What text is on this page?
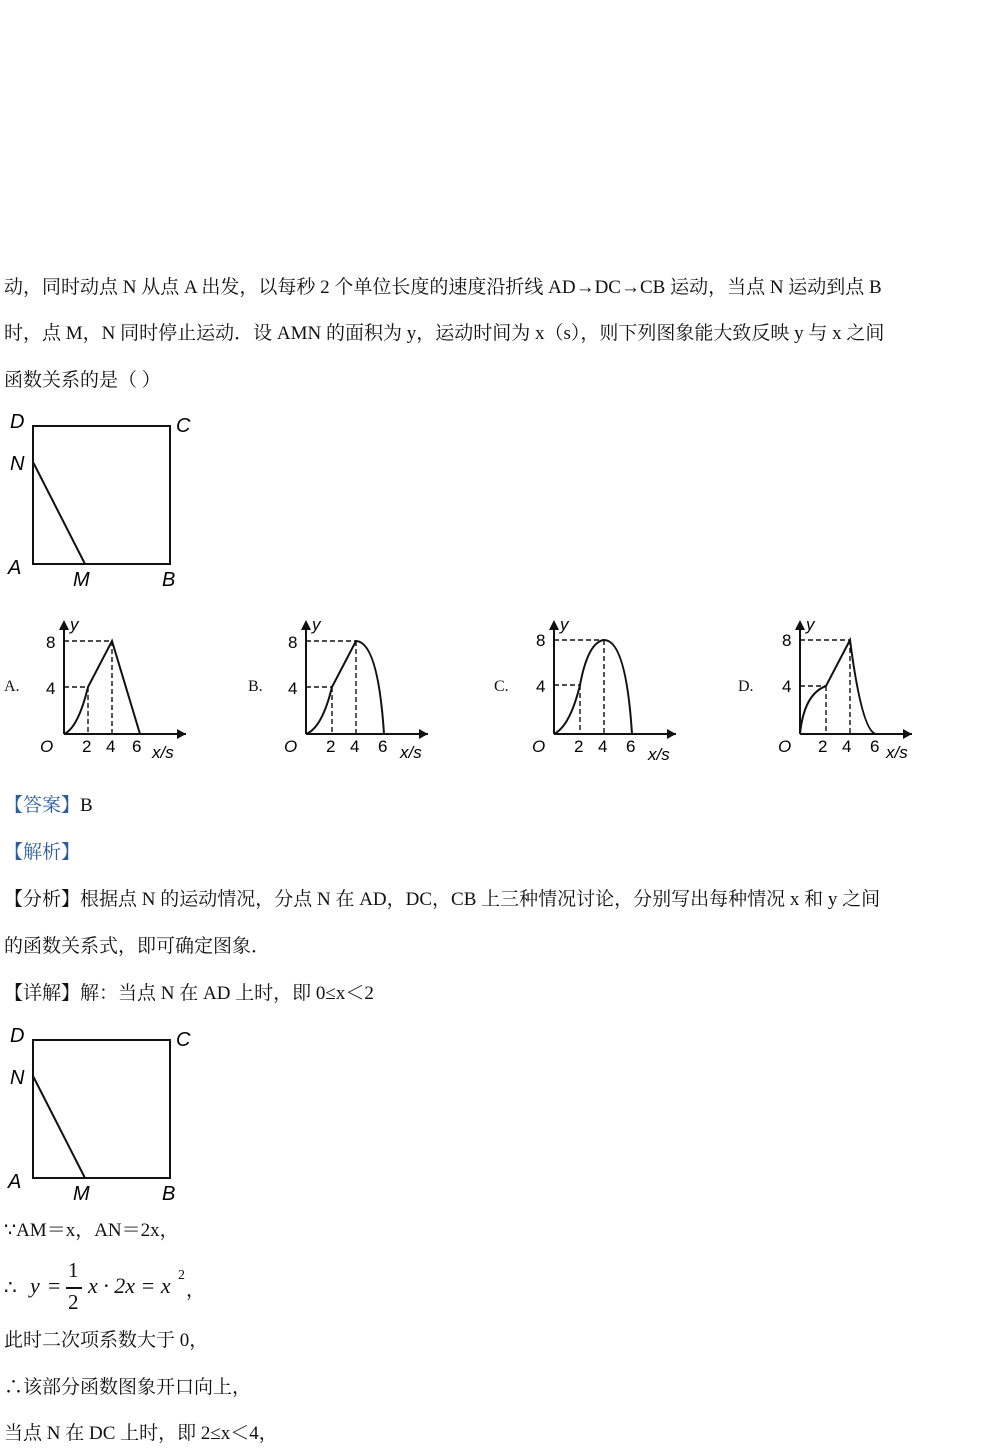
动，同时动点 N 从点 A 出发，以每秒 2 个单位长度的速度沿折线 AD→DC→CB 运动，当点 N 运动到点 B
时，点 M，N 同时停止运动．设 AMN 的面积为 y，运动时间为 x（s），则下列图象能大致反映 y 与 x 之间
函数关系的是（ ）
D	C
N
A
M	B
A.	B.	C.	D.
y
8
4
O 2 4 6 x/s
y
8
4
O 2 4 6 x/s
y
8
4
O 2 4 6 x/s
y
8
4
O 2 4 6 x/s
【答案】B
【解析】
【分析】根据点 N 的运动情况，分点 N 在 AD，DC，CB 上三种情况讨论，分别写出每种情况 x 和 y 之间
的函数关系式，即可确定图象．
【详解】解：当点 N 在 AD 上时，即 0≤x＜2
D	C
N
A
M	B
∵AM＝x，AN＝2x，
∴ y =
1
2
x · 2x = x 2
，
此时二次项系数大于 0，
∴该部分函数图象开口向上，
当点 N 在 DC 上时，即 2≤x＜4，
